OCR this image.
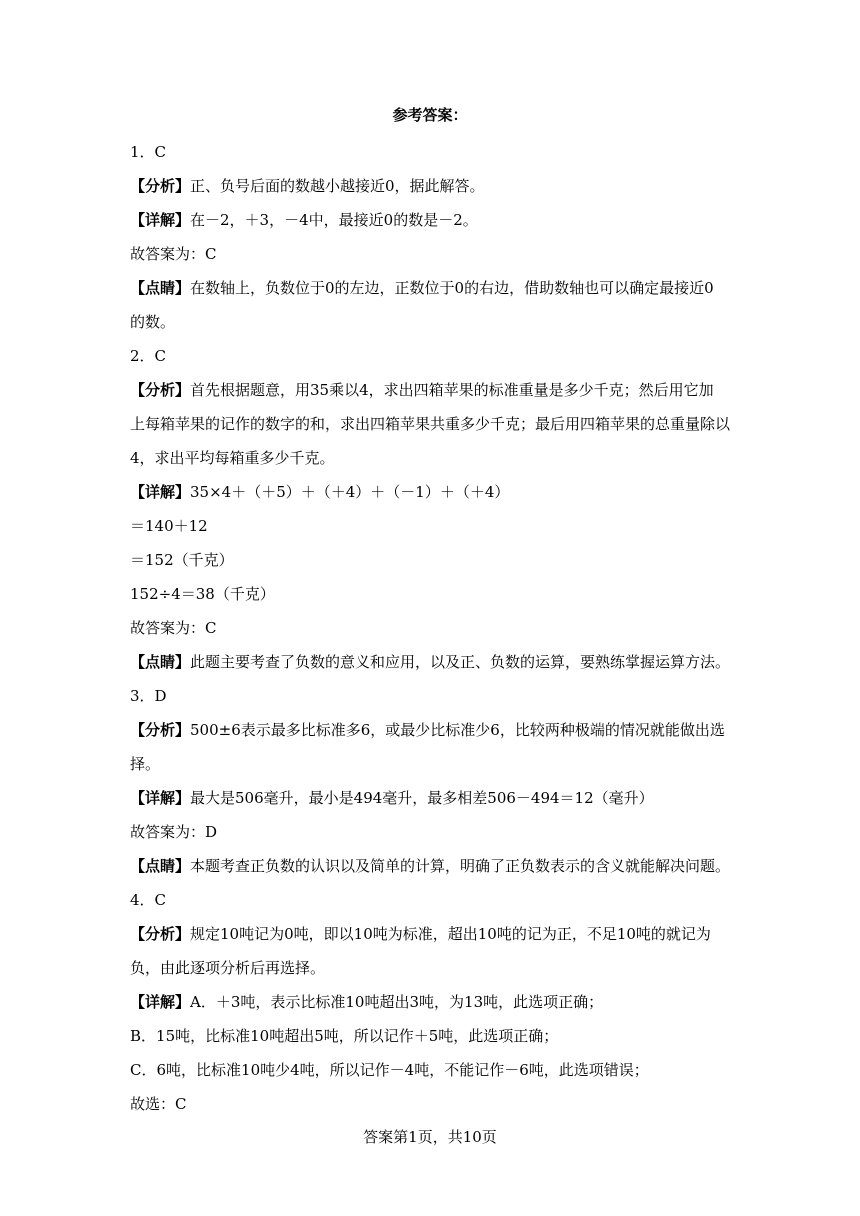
参考答案：

1．C

【分析】正、负号后面的数越小越接近0，据此解答。

【详解】在－2，＋3，－4中，最接近0的数是－2。

故答案为：C

【点睛】在数轴上，负数位于0的左边，正数位于0的右边，借助数轴也可以确定最接近0

的数。

2．C

【分析】首先根据题意，用35乘以4，求出四箱苹果的标准重量是多少千克；然后用它加

上每箱苹果的记作的数字的和，求出四箱苹果共重多少千克；最后用四箱苹果的总重量除以

4，求出平均每箱重多少千克。

【详解】35×4＋（＋5）＋（＋4）＋（－1）＋（＋4）

＝140＋12

＝152（千克）

152÷4＝38（千克）

故答案为：C

【点睛】此题主要考查了负数的意义和应用，以及正、负数的运算，要熟练掌握运算方法。

3．D

【分析】500±6表示最多比标准多6，或最少比标准少6，比较两种极端的情况就能做出选

择。

【详解】最大是506毫升，最小是494毫升，最多相差506－494＝12（毫升）

故答案为：D

【点睛】本题考查正负数的认识以及简单的计算，明确了正负数表示的含义就能解决问题。

4．C

【分析】规定10吨记为0吨，即以10吨为标准，超出10吨的记为正，不足10吨的就记为

负，由此逐项分析后再选择。

【详解】A．＋3吨，表示比标准10吨超出3吨，为13吨，此选项正确；

B．15吨，比标准10吨超出5吨，所以记作＋5吨，此选项正确；

C．6吨，比标准10吨少4吨，所以记作－4吨，不能记作－6吨，此选项错误；

故选：C

答案第1页，共10页
